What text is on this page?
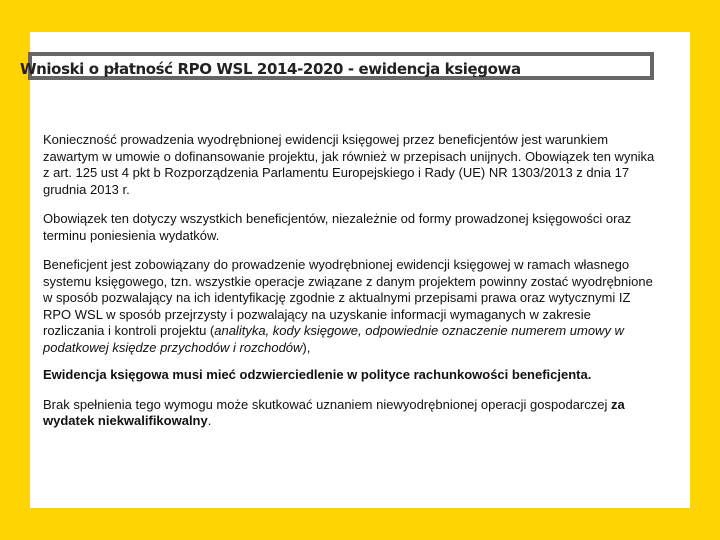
Wnioski o płatność RPO WSL 2014-2020 - ewidencja księgowa

Konieczność prowadzenia wyodrębnionej ewidencji księgowej przez beneficjentów jest warunkiem zawartym w umowie o dofinansowanie projektu, jak również w przepisach unijnych. Obowiązek ten wynika z art. 125 ust 4 pkt b Rozporządzenia Parlamentu Europejskiego i Rady (UE) NR 1303/2013 z dnia 17 grudnia 2013 r.

Obowiązek ten dotyczy wszystkich beneficjentów, niezależnie od formy prowadzonej księgowości oraz terminu poniesienia wydatków.

Beneficjent jest zobowiązany do prowadzenie wyodrębnionej ewidencji księgowej w ramach własnego systemu księgowego, tzn. wszystkie operacje związane z danym projektem powinny zostać wyodrębnione w sposób pozwalający na ich identyfikację zgodnie z aktualnymi przepisami prawa oraz wytycznymi IZ RPO WSL w sposób przejrzysty i pozwalający na uzyskanie informacji wymaganych w zakresie rozliczania i kontroli projektu (analityka, kody księgowe, odpowiednie oznaczenie numerem umowy w podatkowej księdze przychodów i rozchodów),

Ewidencja księgowa musi mieć odzwierciedlenie w polityce rachunkowości beneficjenta.

Brak spełnienia tego wymogu może skutkować uznaniem niewyodrębnionej operacji gospodarczej za wydatek niekwalifikowalny.
